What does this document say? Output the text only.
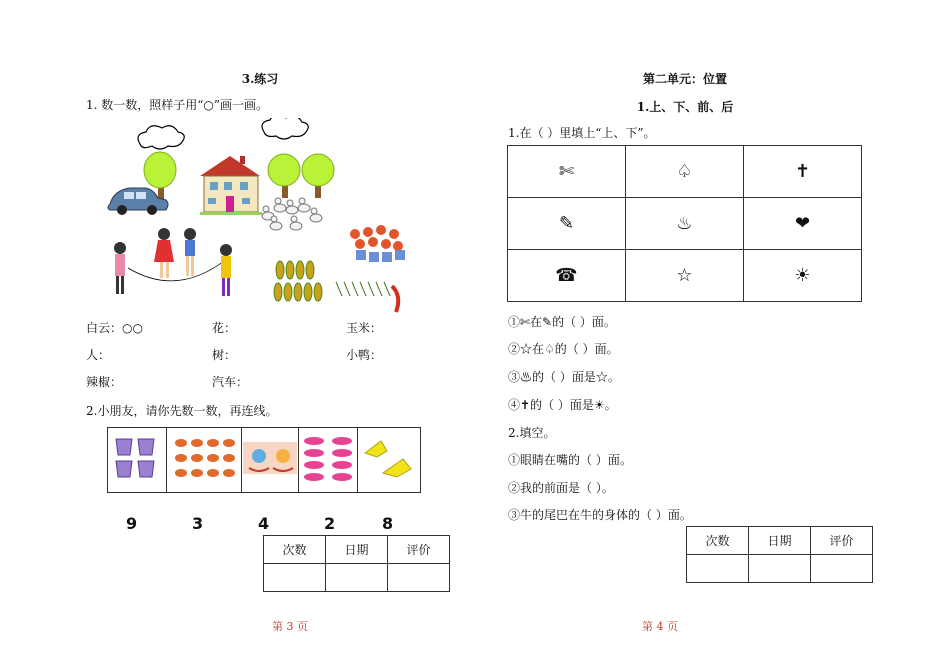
3.练习
1. 数一数，照样子用“○”画一画。
白云：○○	花：	玉米：
人：	树：	小鸭：
辣椒：	汽车：
2.小朋友，请你先数一数，再连线。

9	3	4	2	8
次数	日期	评价

第 3 页
第二单元：位置
1.上、下、前、后
1.在（ ）里填上“上、下”。
✄	♤	✝
✎	♨	❤
☎	☆	☀
①✄在✎的（ ）面。
②☆在♤的（ ）面。
③♨的（ ）面是☆。
④✝的（ ）面是☀。
2.填空。
①眼睛在嘴的（ ）面。
②我的前面是（ ）。
③牛的尾巴在牛的身体的（ ）面。
次数	日期	评价

第 4 页
